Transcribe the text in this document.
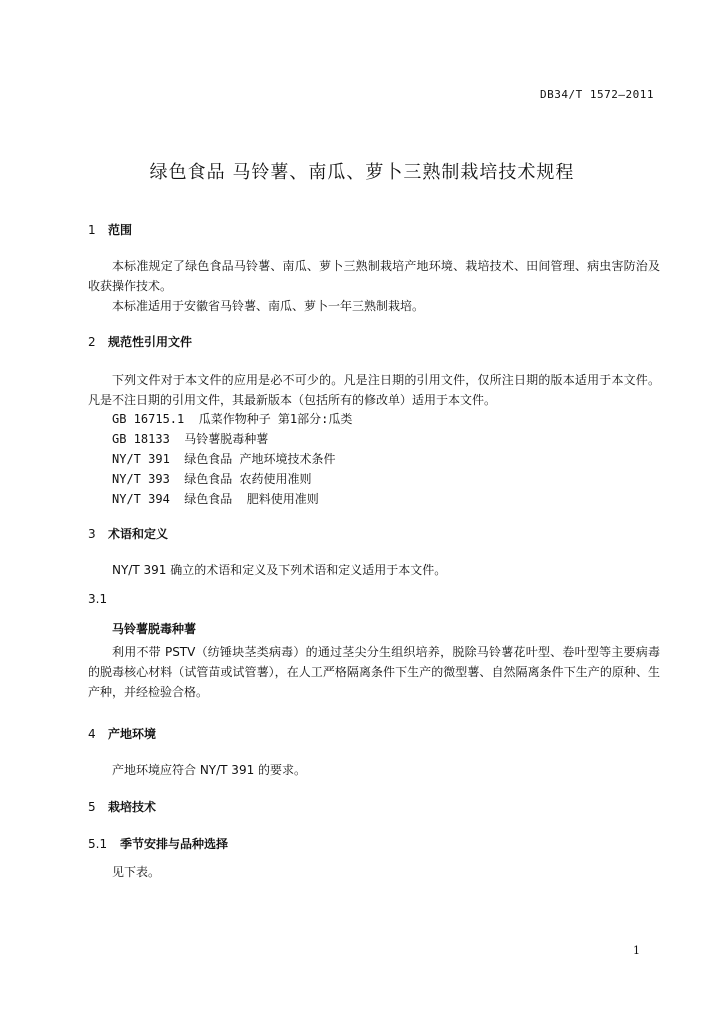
DB34/T 1572—2011
绿色食品 马铃薯、南瓜、萝卜三熟制栽培技术规程
1 范围
本标准规定了绿色食品马铃薯、南瓜、萝卜三熟制栽培产地环境、栽培技术、田间管理、病虫害防治及收获操作技术。
本标准适用于安徽省马铃薯、南瓜、萝卜一年三熟制栽培。
2 规范性引用文件
下列文件对于本文件的应用是必不可少的。凡是注日期的引用文件，仅所注日期的版本适用于本文件。凡是不注日期的引用文件，其最新版本（包括所有的修改单）适用于本文件。
GB 16715.1  瓜菜作物种子 第1部分:瓜类
GB 18133  马铃薯脱毒种薯
NY/T 391  绿色食品 产地环境技术条件
NY/T 393  绿色食品 农药使用准则
NY/T 394  绿色食品  肥料使用准则
3 术语和定义
NY/T 391 确立的术语和定义及下列术语和定义适用于本文件。
3.1
马铃薯脱毒种薯
利用不带 PSTV（纺锤块茎类病毒）的通过茎尖分生组织培养，脱除马铃薯花叶型、卷叶型等主要病毒的脱毒核心材料（试管苗或试管薯），在人工严格隔离条件下生产的微型薯、自然隔离条件下生产的原种、生产种，并经检验合格。
4 产地环境
产地环境应符合 NY/T 391 的要求。
5 栽培技术
5.1 季节安排与品种选择
见下表。
1
